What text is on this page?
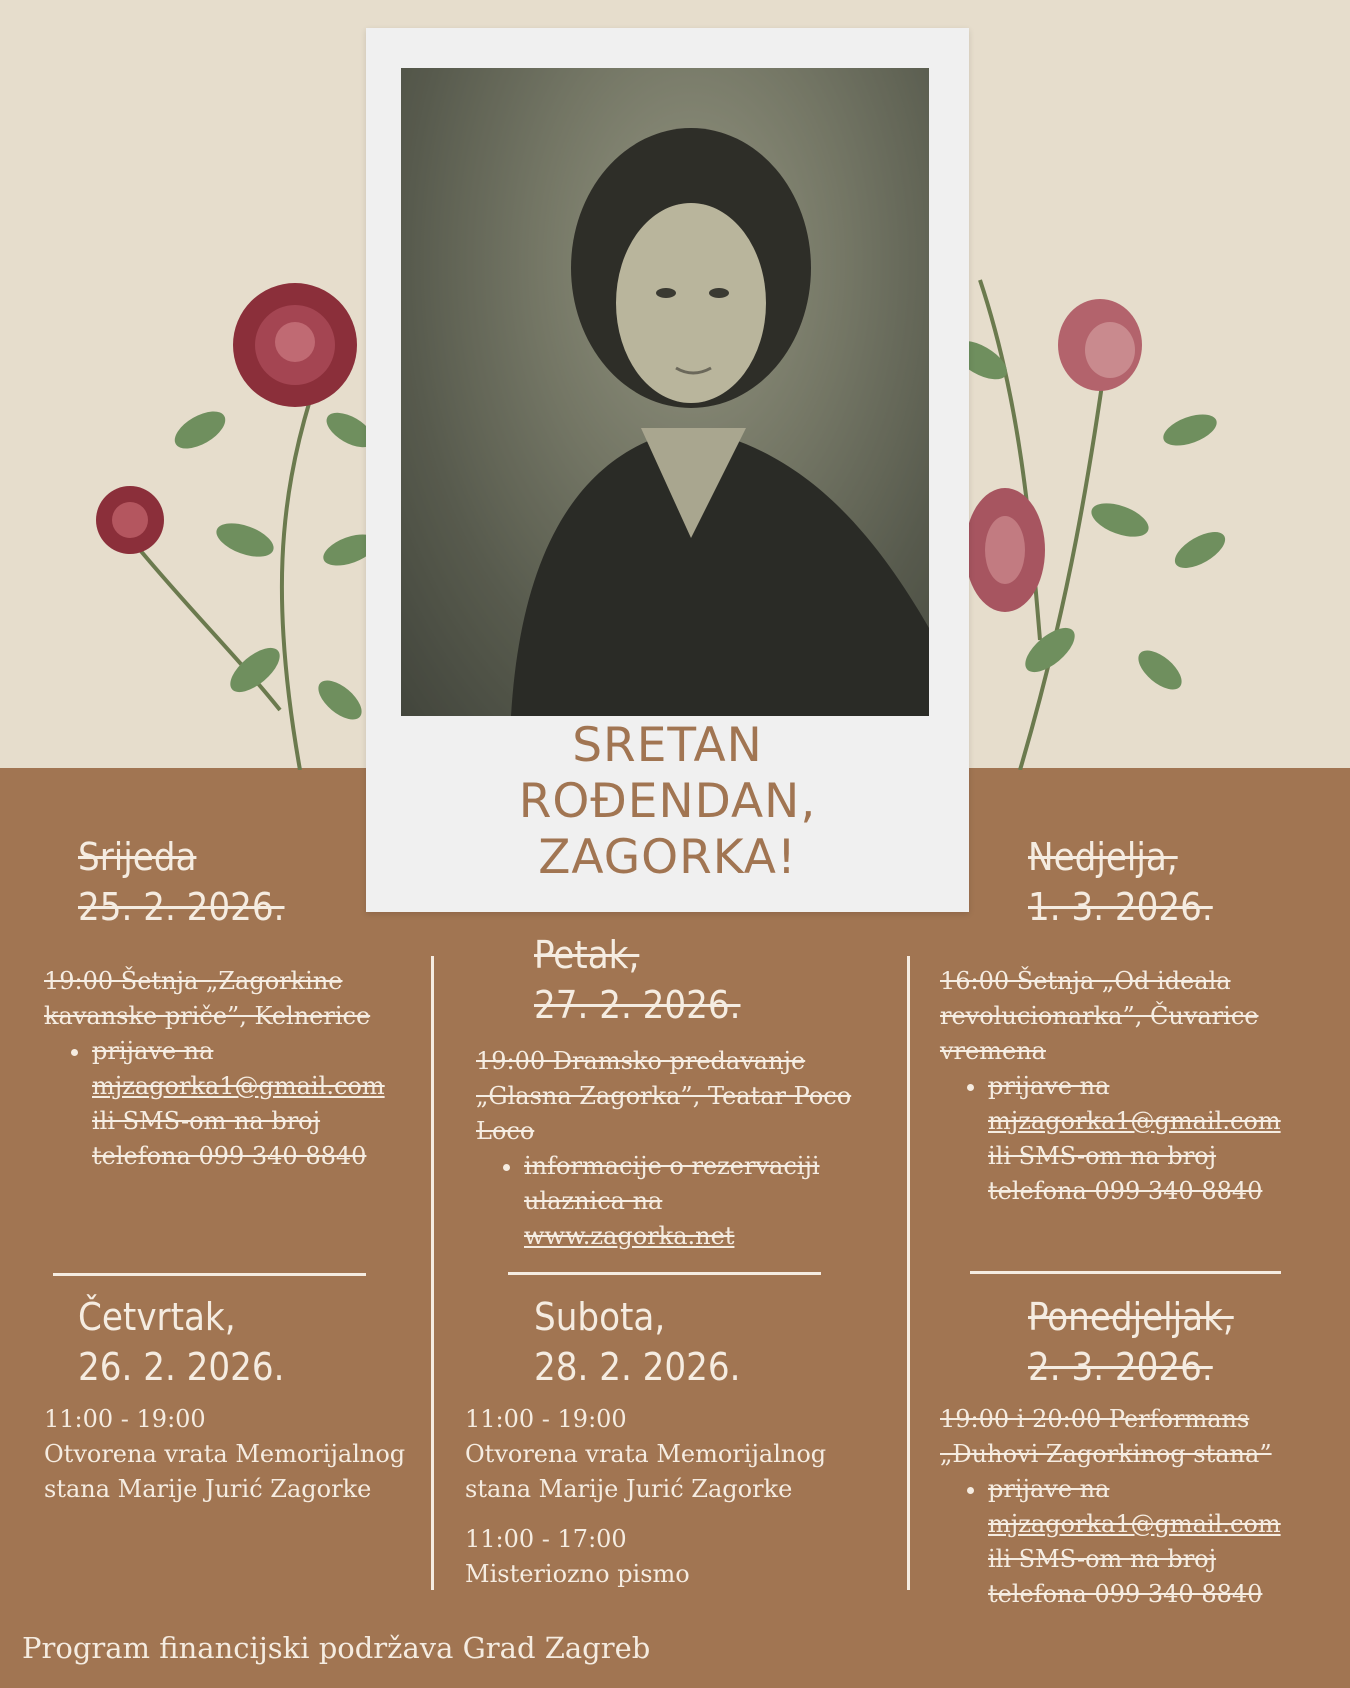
SRETAN
ROĐENDAN,
ZAGORKA!
Srijeda
25. 2. 2026.

19:00 Šetnja „Zagorkine kavanske priče”, Kelnerice

• prijave na mjzagorka1@gmail.com ili SMS-om na broj telefona 099 340 8840
Četvrtak,
26. 2. 2026.

11:00 - 19:00

Otvorena vrata Memorijalnog stana Marije Jurić Zagorke

Petak,
27. 2. 2026.

19:00 Dramsko predavanje „Glasna Zagorka”, Teatar Poco Loco

• informacije o rezervaciji ulaznica na www.zagorka.net
Subota,
28. 2. 2026.

11:00 - 19:00

Otvorena vrata Memorijalnog stana Marije Jurić Zagorke

11:00 - 17:00

Misteriozno pismo

Nedjelja,
1. 3. 2026.

16:00 Šetnja „Od ideala revolucionarka”, Čuvarice vremena

• prijave na mjzagorka1@gmail.com ili SMS-om na broj telefona 099 340 8840
Ponedjeljak,
2. 3. 2026.

19:00 i 20:00 Performans „Duhovi Zagorkinog stana”

• prijave na mjzagorka1@gmail.com ili SMS-om na broj telefona 099 340 8840
Program financijski podržava Grad Zagreb
